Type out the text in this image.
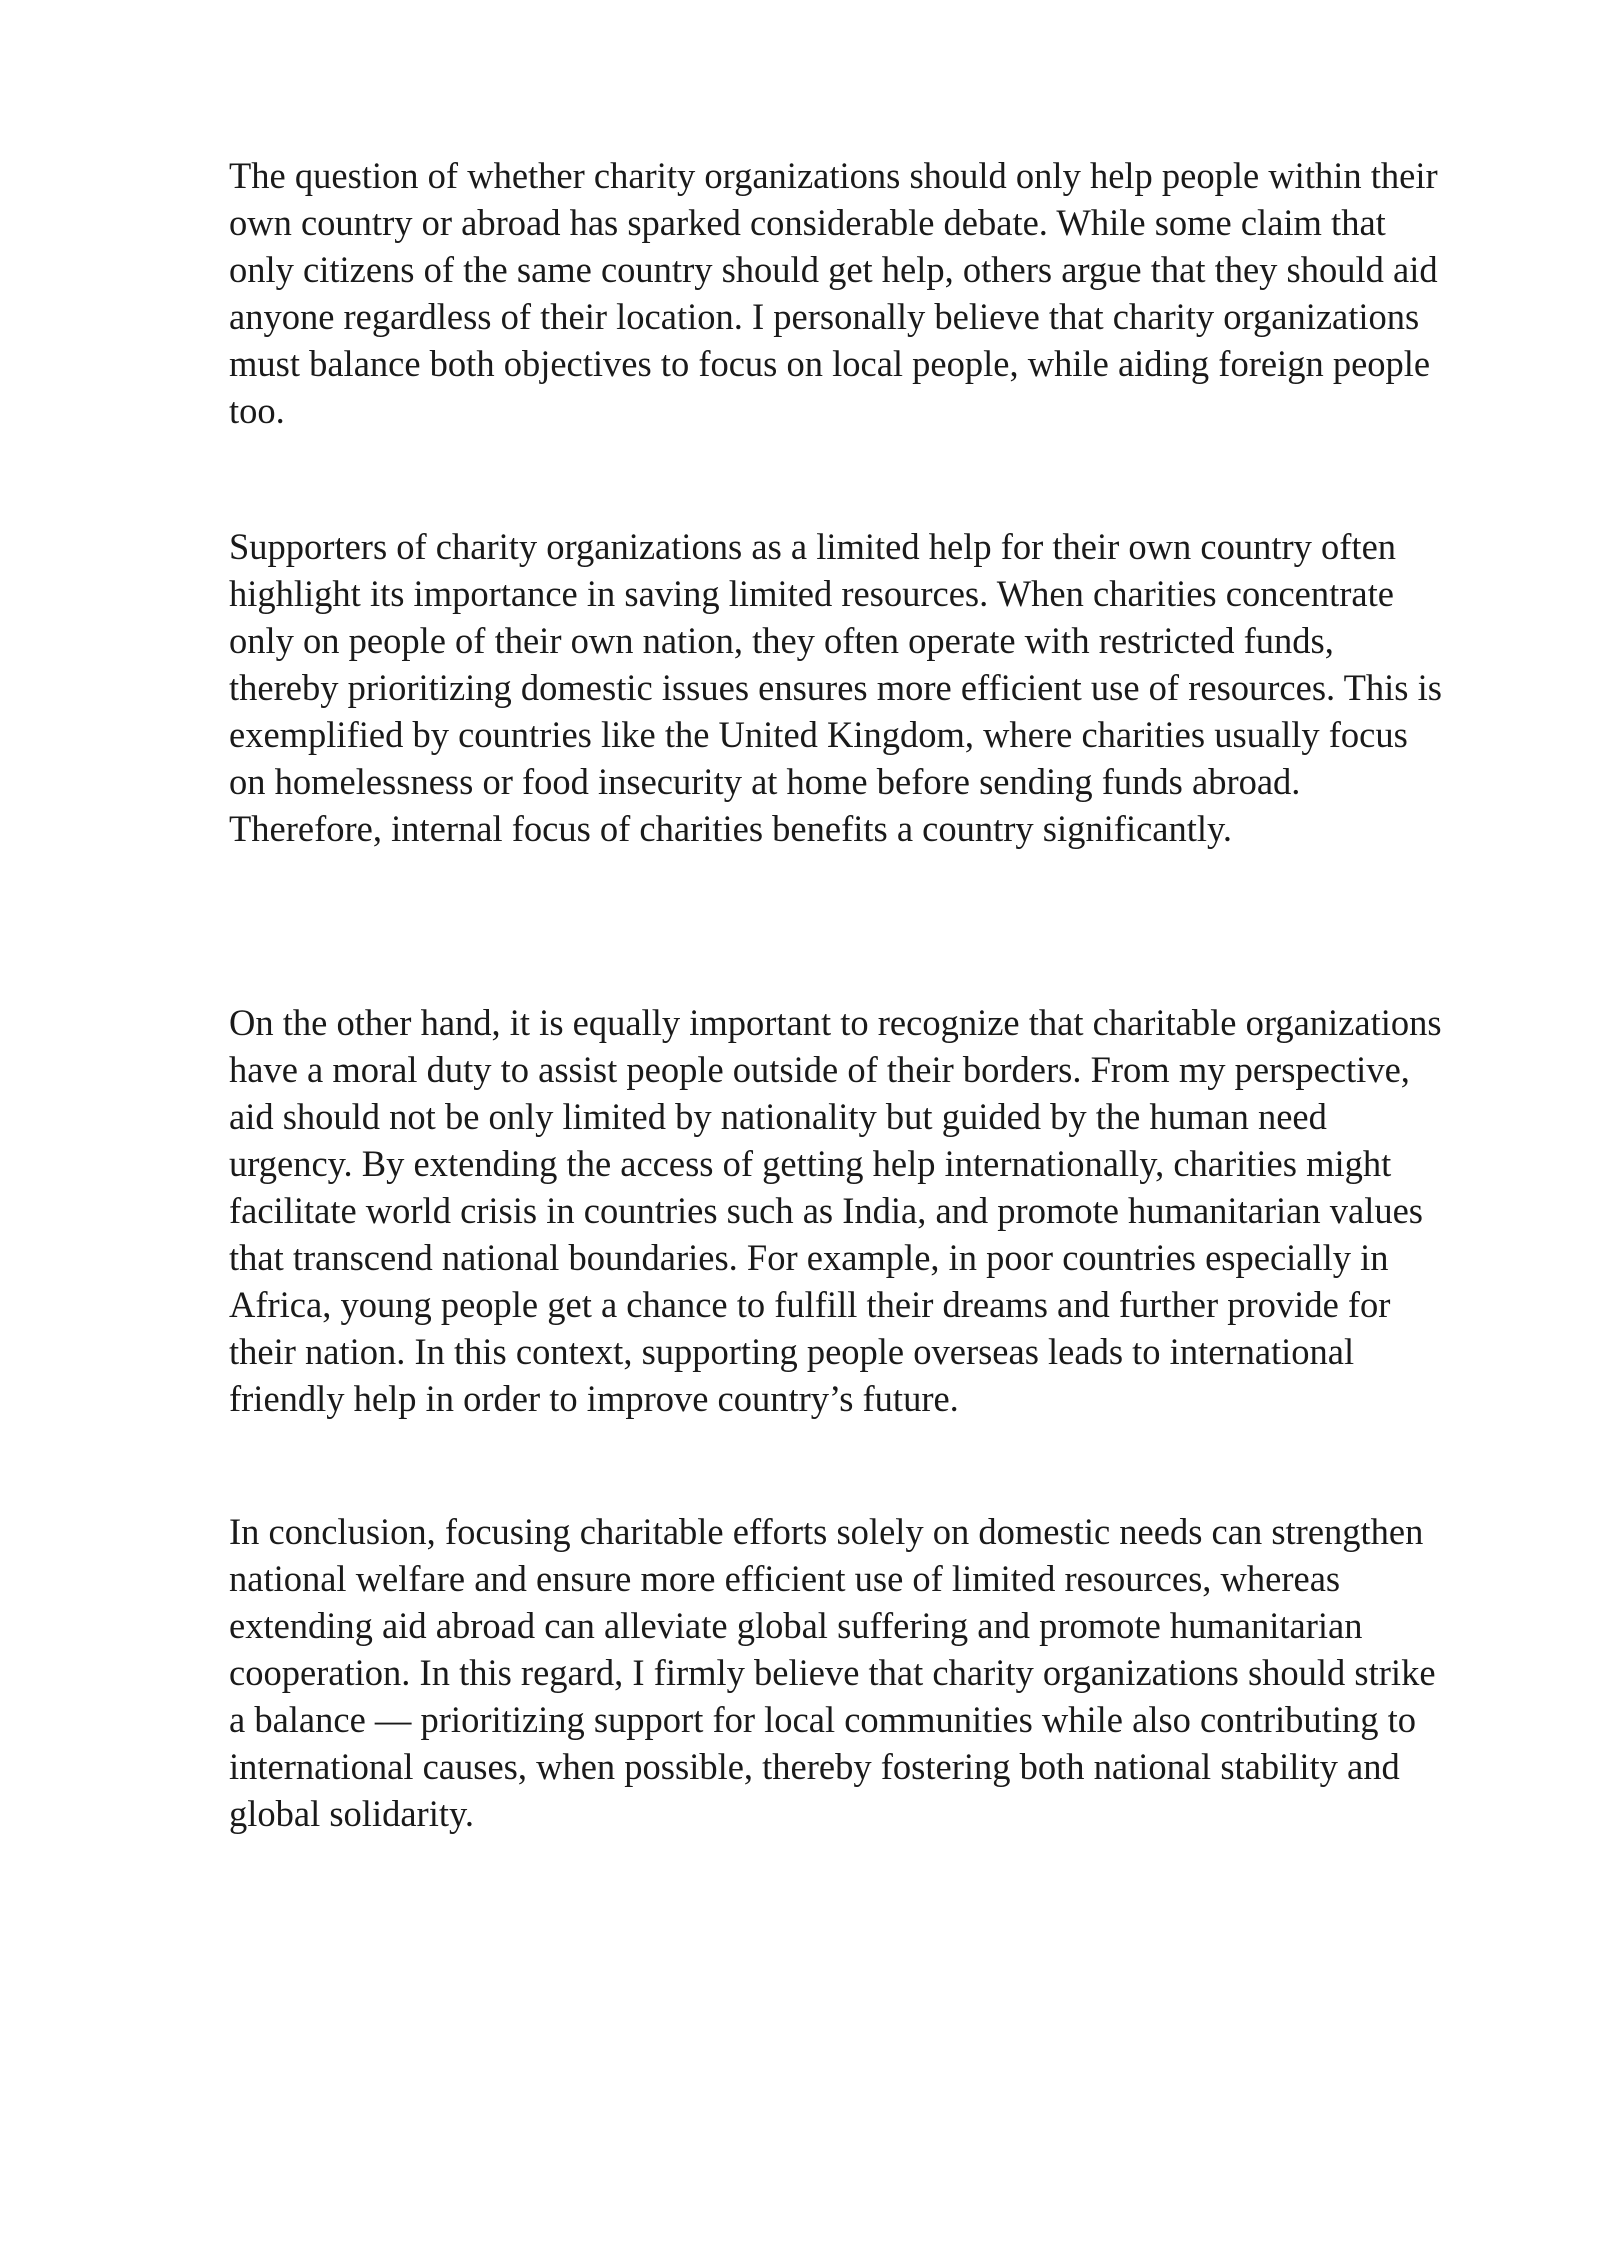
The question of whether charity organizations should only help people within their
own country or abroad has sparked considerable debate. While some claim that
only citizens of the same country should get help, others argue that they should aid
anyone regardless of their location. I personally believe that charity organizations
must balance both objectives to focus on local people, while aiding foreign people
too.

Supporters of charity organizations as a limited help for their own country often
highlight its importance in saving limited resources. When charities concentrate
only on people of their own nation, they often operate with restricted funds,
thereby prioritizing domestic issues ensures more efficient use of resources. This is
exemplified by countries like the United Kingdom, where charities usually focus
on homelessness or food insecurity at home before sending funds abroad.
Therefore, internal focus of charities benefits a country significantly.

On the other hand, it is equally important to recognize that charitable organizations
have a moral duty to assist people outside of their borders. From my perspective,
aid should not be only limited by nationality but guided by the human need
urgency. By extending the access of getting help internationally, charities might
facilitate world crisis in countries such as India, and promote humanitarian values
that transcend national boundaries. For example, in poor countries especially in
Africa, young people get a chance to fulfill their dreams and further provide for
their nation. In this context, supporting people overseas leads to international
friendly help in order to improve country’s future.

In conclusion, focusing charitable efforts solely on domestic needs can strengthen
national welfare and ensure more efficient use of limited resources, whereas
extending aid abroad can alleviate global suffering and promote humanitarian
cooperation. In this regard, I firmly believe that charity organizations should strike
a balance — prioritizing support for local communities while also contributing to
international causes, when possible, thereby fostering both national stability and
global solidarity.
